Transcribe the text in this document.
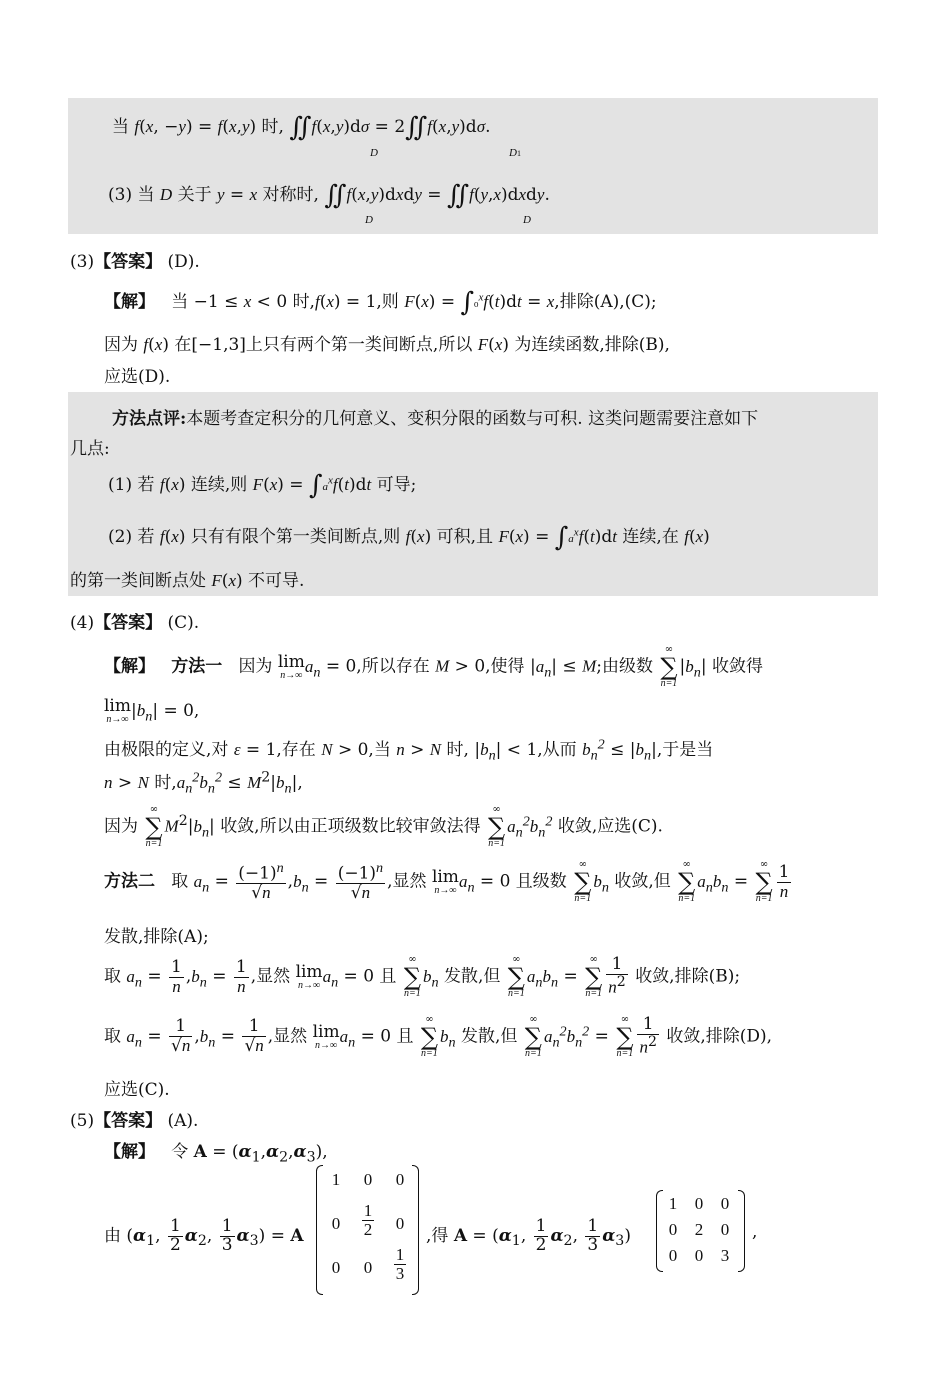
当 f(x, −y) = f(x,y) 时, ∬f(x,y)dσ = 2∬f(x,y)dσ.
D	D1
(3) 当 D 关于 y = x 对称时, ∬f(x,y)dxdy = ∬f(y,x)dxdy.
D	D
(3)【答案】 (D).
【解】 当 −1 ≤ x < 0 时,f(x) = 1,则 F(x) = ∫₀$^x$f(t)dt = x,排除(A),(C);
因为 f(x) 在[−1,3]上只有两个第一类间断点,所以 F(x) 为连续函数,排除(B),
应选(D).
方法点评:本题考查定积分的几何意义、变积分限的函数与可积. 这类问题需要注意如下
几点:
(1) 若 f(x) 连续,则 $F(x) = \int a^xf(t)dt$ 可导;
(2) 若 f(x) 只有有限个第一类间断点,则 f(x) 可积,且 $F(x) = \int a^xf(t)dt$ 连续,在 f(x)
的第一类间断点处 F(x) 不可导.
(4)【答案】 (C).
【解】 方法一 因为 lim
n→∞ $a_n = 0$,所以存在 M > 0,使得 $|a_n| \le M$;由级数
∞
∑
n=1
$|b_n|$ 收敛得
lim
n→∞ $|b_n| = 0$,
由极限的定义,对 ε = 1,存在 N > 0,当 n > N 时, $|b_n| < 1$,从而 $b_n^2 \le |b_n|$,于是当
n > N 时$,a_n^2b_n^2 \le M^2|b_n|$,
因为
∞
∑
n=1
$M^2|b_n|$ 收敛,所以由正项级数比较审敛法得
∞
∑
n=1
$a_n^2b_n^2$ 收敛,应选(C).
方法二 取 $a_n = \frac{(-1)^n}{√n} ,b_n = \frac{(-1)^n}{√n}$ ,显然 lim
n→∞ $a_n = 0$ 且级数
∞
∑
n=1
$b_n$ 收敛,但
∞
∑
n=1
$a_nb_n$ =
∞
∑
$n=1 \frac{1}{n}$
发散,排除(A);
取 $a_n = \frac{1}{n} ,b_n = \frac{1}{n}$ ,显然 lim
n→∞ $a_n = 0$ 且
∞
∑
n=1
$b_n$ 发散,但
∞
∑
n=1
$a_nb_n$ =
∞
∑
$n=1 \frac{1}{n^2}$ 收敛,排除(B);
取 $a_n = \frac{1}{√n} ,b_n = \frac{1}{√n}$ ,显然 lim
n→∞ $a_n = 0$ 且
∞
∑
n=1
$b_n$ 发散,但
∞
∑
n=1
$a_n^2b_n^2$ =
∞
∑
$n=1 \frac{1}{n^2}$ 收敛,排除(D),
应选(C).
(5)【答案】 (A).
【解】 令 $A = (\alpha_1,\alpha_2,\alpha_3)$,
由 ($\alpha_1$, $\frac{1}{2} \alpha_2$, $\frac{1}{3} \alpha_3) = A$
1	0	0
0	$\frac{1}{2}$	0
0	0	$\frac{1}{3}$
,得 $A = (\alpha_1$, $\frac{1}{2} \alpha_2$, $\frac{1}{3} \alpha_3$)
1	0	0
0	2	0
0	0	3
,
